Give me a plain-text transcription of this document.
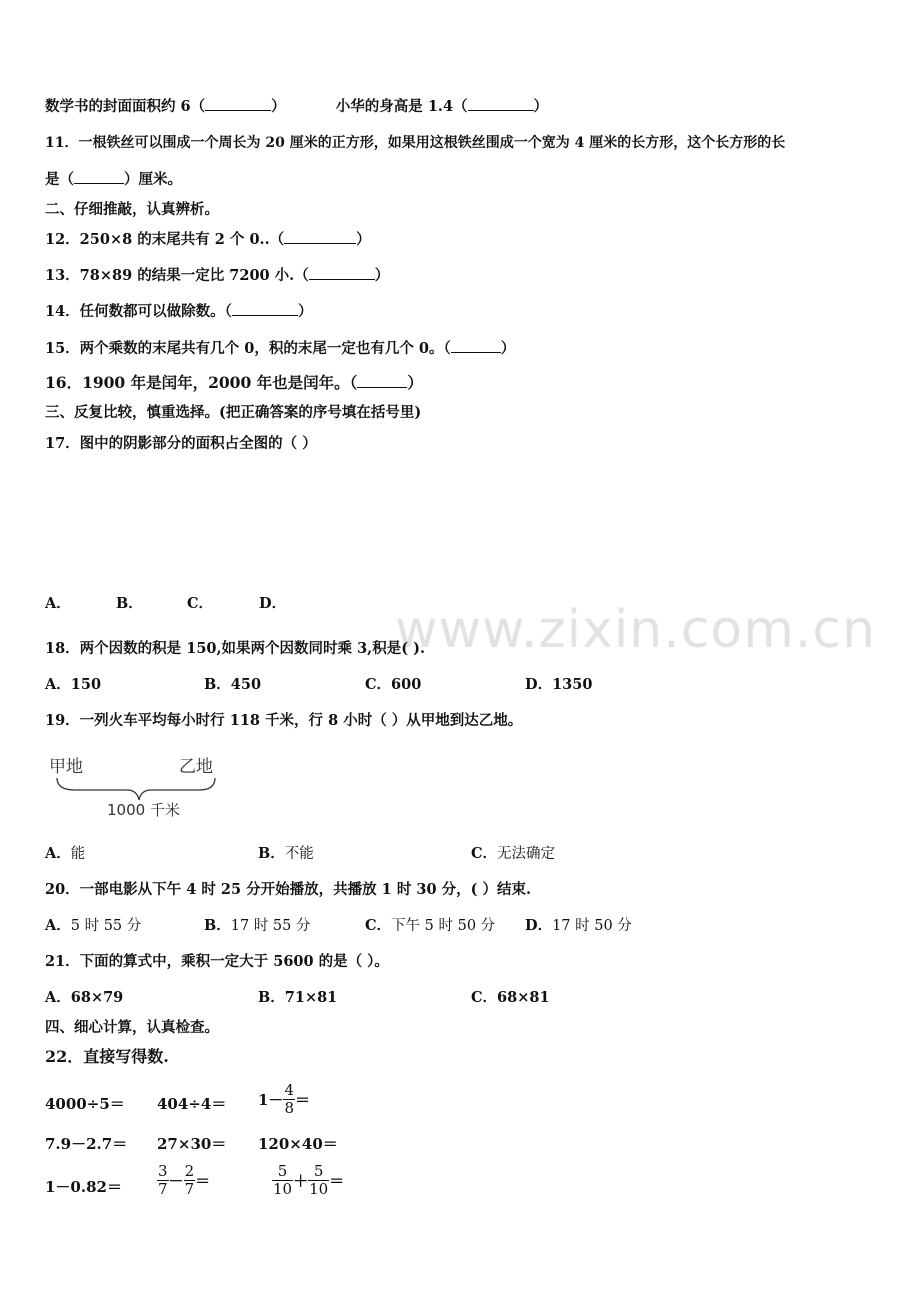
www.zixin.com.cn
数学书的封面面积约 6（	）	小华的身高是 1.4（	）
11．一根铁丝可以围成一个周长为 20 厘米的正方形，如果用这根铁丝围成一个宽为 4 厘米的长方形，这个长方形的长
是（	）厘米。
二、仔细推敲，认真辨析。
12．250×8 的末尾共有 2 个 0..（	）
13．78×89 的结果一定比 7200 小.（	）
14．任何数都可以做除数。（	）
15．两个乘数的末尾共有几个 0，积的末尾一定也有几个 0。（	）
16．1900 年是闰年，2000 年也是闰年。（	）
三、反复比较，慎重选择。(把正确答案的序号填在括号里)
17．图中的阴影部分的面积占全图的（ ）
A．	B．	C．	D．
18．两个因数的积是 150,如果两个因数同时乘 3,积是( ).
A．150	B．450	C．600	D．1350
19．一列火车平均每小时行 118 千米，行 8 小时（ ）从甲地到达乙地。
甲地	乙地
1000 千米
A．能	B．不能	C．无法确定
20．一部电影从下午 4 时 25 分开始播放，共播放 1 时 30 分，( ）结束.
A．5 时 55 分	B．17 时 55 分	C．下午 5 时 50 分 D．17 时 50 分
21．下面的算式中，乘积一定大于 5600 的是（ ）。
A．68×79	B．71×81	C．68×81
四、细心计算，认真检查。
22．直接写得数.
$4000\div 5= 404\div 4= 1- \frac{4}{8}$ ＝
7.9－2.7＝ 27×30＝ 120×40＝
$1-0.82= \frac{3}{7} - \frac{2}{7}$ ＝	$\frac{5}{10} + \frac{5}{10}$ ＝
